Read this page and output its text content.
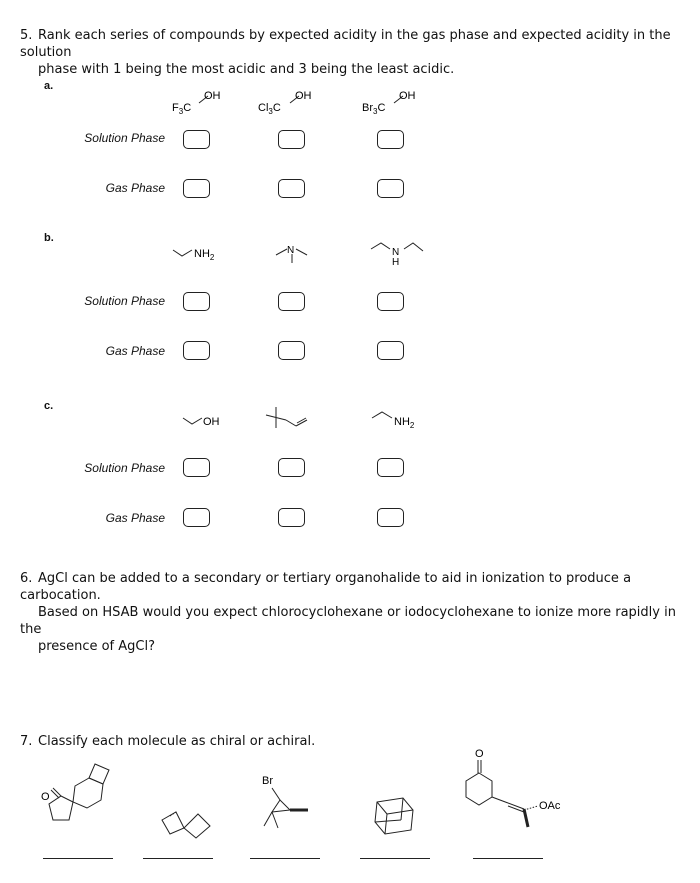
5. Rank each series of compounds by expected acidity in the gas phase and expected acidity in the solution
phase with 1 being the most acidic and 3 being the least acidic.
a.
$F_3C$
OH
$Cl_3C$
OH
$Br_3C$
OH
Solution Phase
Gas Phase
b.
$NH_2$
N	N
H
Solution Phase
Gas Phase
c.
OH	$NH_2$
Solution Phase
Gas Phase
6. AgCl can be added to a secondary or tertiary organohalide to aid in ionization to produce a carbocation.
Based on HSAB would you expect chlorocyclohexane or iodocyclohexane to ionize more rapidly in the
presence of AgCl?
7. Classify each molecule as chiral or achiral.
O
Br
O
OAc
